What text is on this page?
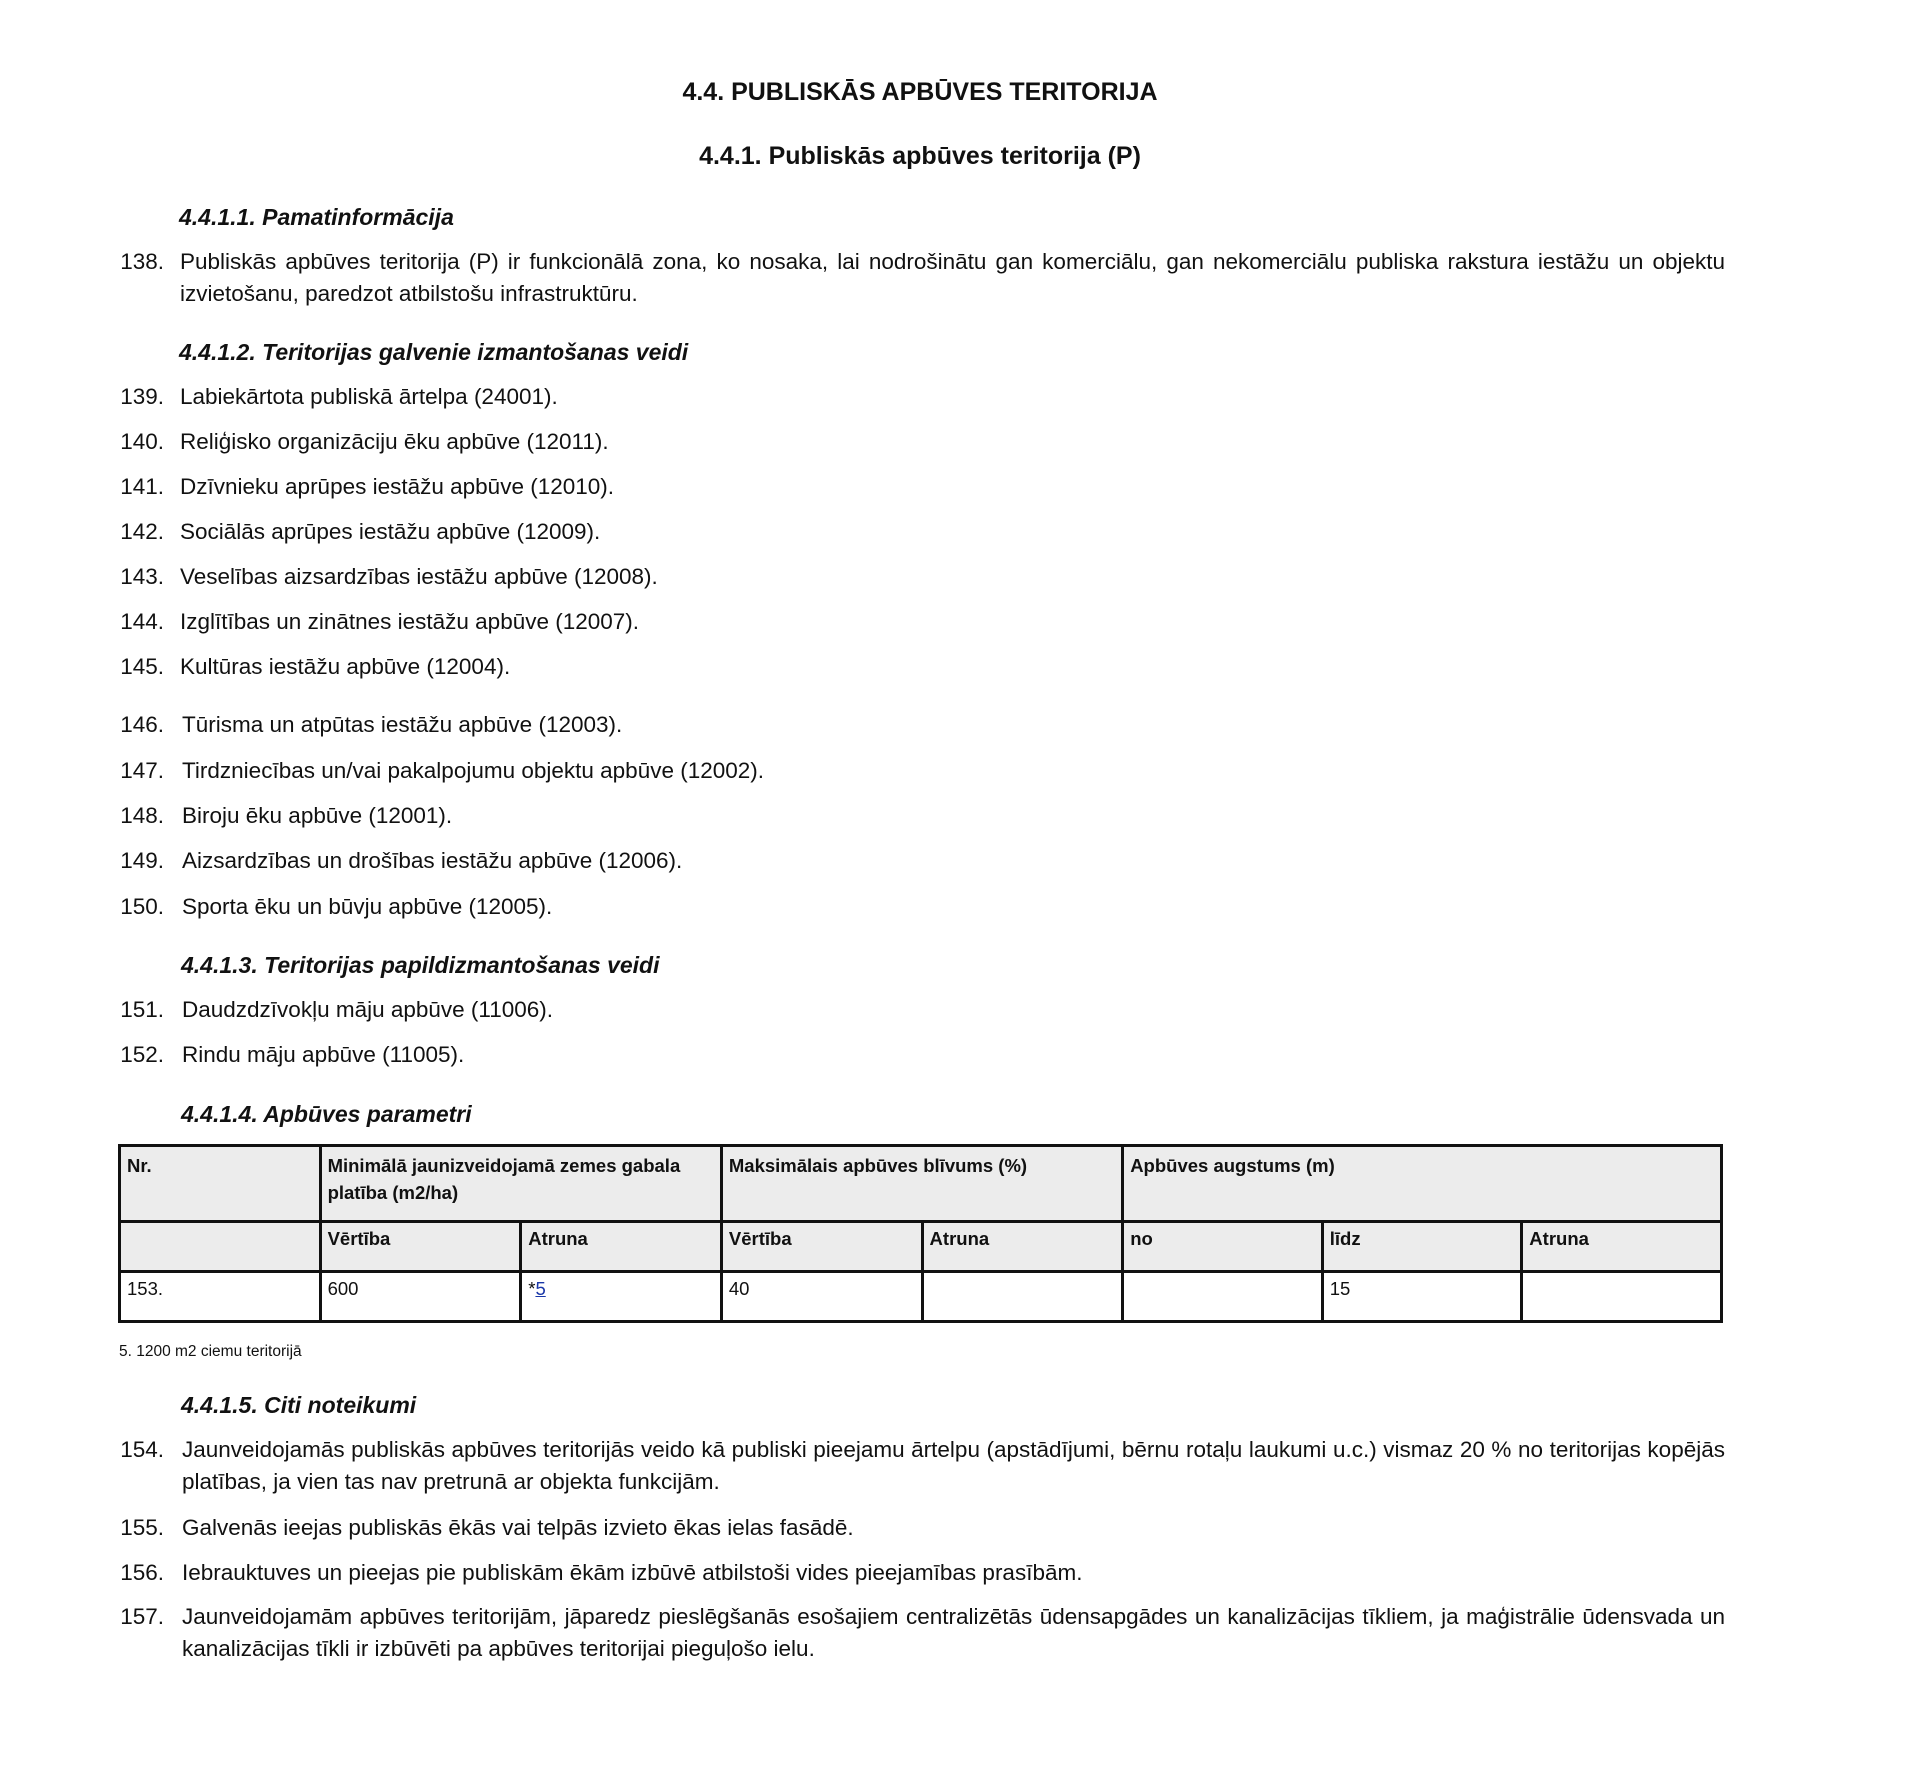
4.4. PUBLISKĀS APBŪVES TERITORIJA
4.4.1. Publiskās apbūves teritorija (P)
4.4.1.1. Pamatinformācija
138. Publiskās apbūves teritorija (P) ir funkcionālā zona, ko nosaka, lai nodrošinātu gan komerciālu, gan nekomerciālu publiska rakstura iestāžu un objektu izvietošanu, paredzot atbilstošu infrastruktūru.
4.4.1.2. Teritorijas galvenie izmantošanas veidi
139. Labiekārtota publiskā ārtelpa (24001).
140. Reliģisko organizāciju ēku apbūve (12011).
141. Dzīvnieku aprūpes iestāžu apbūve (12010).
142. Sociālās aprūpes iestāžu apbūve (12009).
143. Veselības aizsardzības iestāžu apbūve (12008).
144. Izglītības un zinātnes iestāžu apbūve (12007).
145. Kultūras iestāžu apbūve (12004).
146. Tūrisma un atpūtas iestāžu apbūve (12003).
147. Tirdzniecības un/vai pakalpojumu objektu apbūve (12002).
148. Biroju ēku apbūve (12001).
149. Aizsardzības un drošības iestāžu apbūve (12006).
150. Sporta ēku un būvju apbūve (12005).
4.4.1.3. Teritorijas papildizmantošanas veidi
151. Daudzdzīvokļu māju apbūve (11006).
152. Rindu māju apbūve (11005).
4.4.1.4. Apbūves parametri
Nr.	Minimālā jaunizveidojamā zemes gabala platība (m2/ha)		Maksimālais apbūves blīvums (%)		Apbūves augstums (m)		
	Vērtība	Atruna	Vērtība	Atruna	no	līdz	Atruna
153.	600	*5	40			15	
5. 1200 m2 ciemu teritorijā
4.4.1.5. Citi noteikumi
154. Jaunveidojamās publiskās apbūves teritorijās veido kā publiski pieejamu ārtelpu (apstādījumi, bērnu rotaļu laukumi u.c.) vismaz 20 % no teritorijas kopējās platības, ja vien tas nav pretrunā ar objekta funkcijām.
155. Galvenās ieejas publiskās ēkās vai telpās izvieto ēkas ielas fasādē.
156. Iebrauktuves un pieejas pie publiskām ēkām izbūvē atbilstoši vides pieejamības prasībām.
157. Jaunveidojamām apbūves teritorijām, jāparedz pieslēgšanās esošajiem centralizētās ūdensapgādes un kanalizācijas tīkliem, ja maģistrālie ūdensvada un kanalizācijas tīkli ir izbūvēti pa apbūves teritorijai pieguļošo ielu.
